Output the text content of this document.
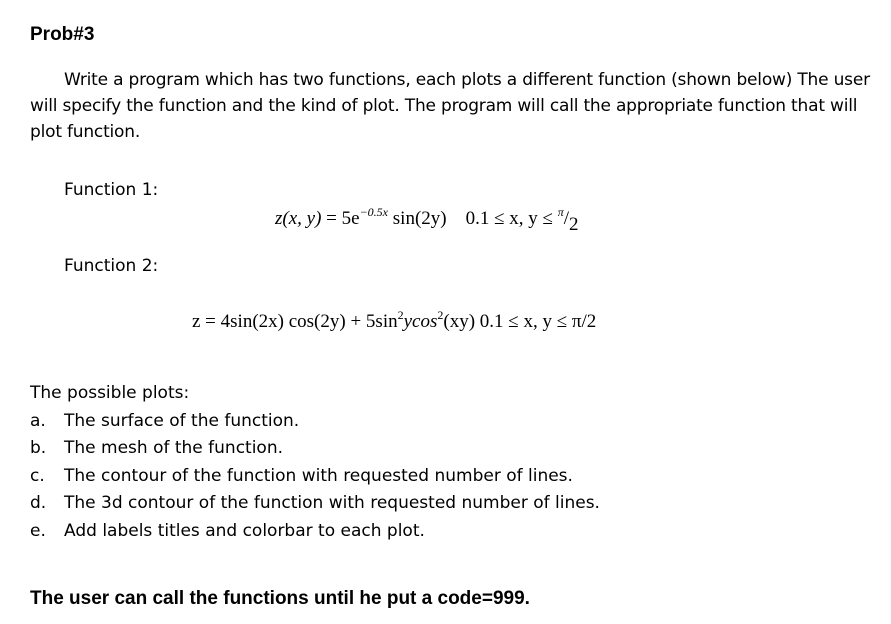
Prob#3
Write a program which has two functions, each plots a different function (shown below) The user will specify the function and the kind of plot. The program will call the appropriate function that will plot function.
Function 1:
z(x, $y) = 5e^{-0.5x}$ sin(2y) 0.1 ≤ x, y ≤ $^\pi$/2
Function 2:
z = 4sin(2x) $\cos(2y) + 5\sin^2ycos^2(xy) 0.1 \le x$, y ≤ π/2
The possible plots:
a. The surface of the function.
b. The mesh of the function.
c. The contour of the function with requested number of lines.
d. The 3d contour of the function with requested number of lines.
e. Add labels titles and colorbar to each plot.
The user can call the functions until he put a code=999.
